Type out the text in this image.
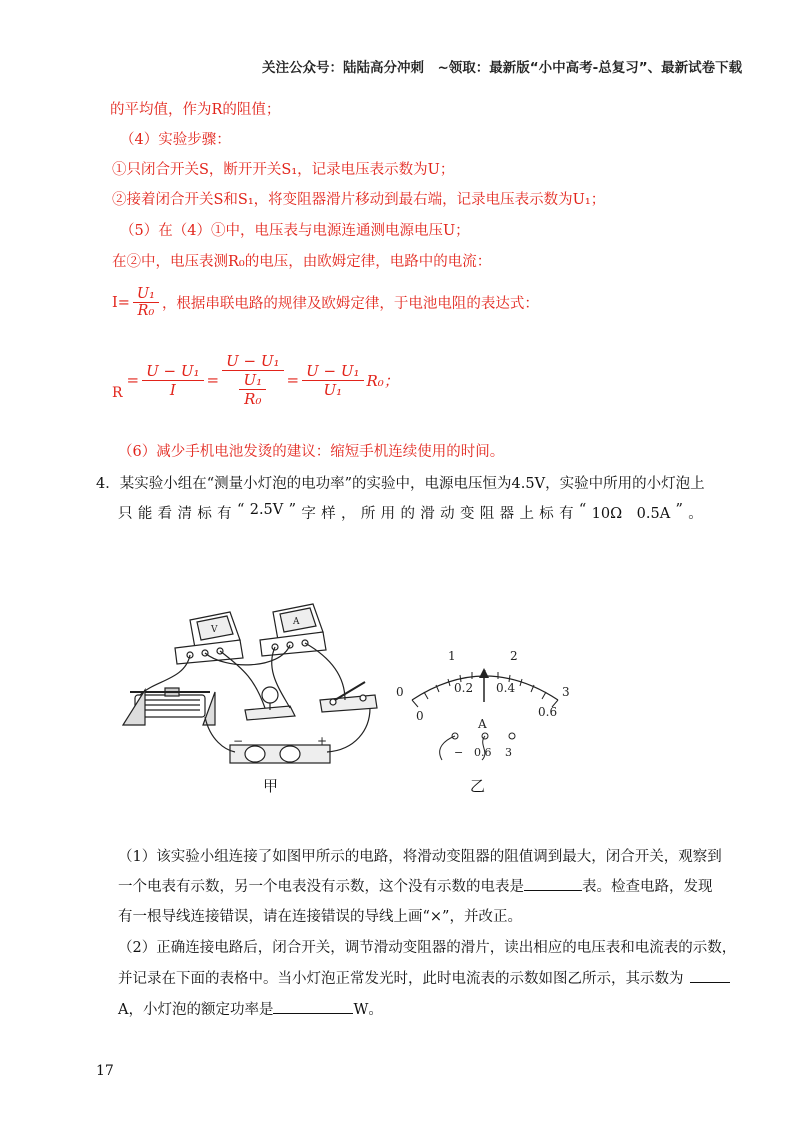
关注公众号：陆陆高分冲刺　~领取：最新版“小中高考-总复习”、最新试卷下载
的平均值，作为R的阻值；
（4）实验步骤：
①只闭合开关S，断开开关S₁，记录电压表示数为U；
②接着闭合开关S和S₁，将变阻器滑片移动到最右端，记录电压表示数为U₁；
（5）在（4）①中，电压表与电源连通测电源电压U；
在②中，电压表测R₀的电压，由欧姆定律，电路中的电流：
$I= \frac{\text{U₁}}{\text{R₀}}$ ，根据串联电路的规律及欧姆定律，于电池电阻的表达式：
R
= $\frac{\text{U − U₁}}{I} = \frac{\text{U − U₁}}{\frac{\text{U₁}}{\text{R₀}}} = \frac{\text{U − U₁}}{\text{U₁}} R_0$；
（6）减少手机电池发烫的建议：缩短手机连续使用的时间。
4．某实验小组在“测量小灯泡的电功率”的实验中，电源电压恒为4.5V，实验中所用的小灯泡上
只 能 看 清 标 有 “ 2.5V ” 字 样 ， 所 用 的 滑 动 变 阻 器 上 标 有 “ 10Ω　0.5A ” 。
V
A
−	+
甲
0
1	2
3
0
0.2 0.4
0.6
A
− 0.6 3
乙
（1）该实验小组连接了如图甲所示的电路，将滑动变阻器的阻值调到最大，闭合开关，观察到
一个电表有示数，另一个电表没有示数，这个没有示数的电表是	表。检查电路，发现
有一根导线连接错误，请在连接错误的导线上画“×”，并改正。
（2）正确连接电路后，闭合开关，调节滑动变阻器的滑片，读出相应的电压表和电流表的示数，
并记录在下面的表格中。当小灯泡正常发光时，此时电流表的示数如图乙所示，其示数为
A，小灯泡的额定功率是	W。
17
